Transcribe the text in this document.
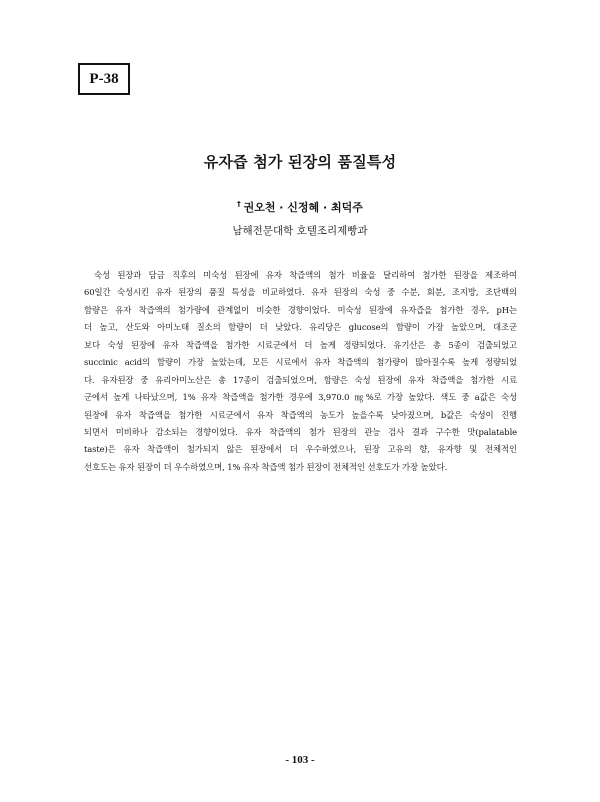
P-38
유자즙 첨가 된장의 품질특성
† 권오천 · 신정혜 · 최덕주
남해전문대학 호텔조리제빵과
숙성 된장과 담금 직후의 미숙성 된장에 유자 착즙액의 첨가 비율을 달리하여 첨가한 된장을 제조하여
60일간 숙성시킨 유자 된장의 품질 특성을 비교하였다. 유자 된장의 숙성 중 수분, 회분, 조지방, 조단백의
함량은 유자 착즙액의 첨가량에 관계없이 비슷한 경향이었다. 미숙성 된장에 유자즙을 첨가한 경우, pH는
더 높고, 산도와 아미노태 질소의 함량이 더 낮았다. 유리당은 glucose의 함량이 가장 높았으며, 대조군
보다 숙성 된장에 유자 착즙액을 첨가한 시료군에서 더 높게 정량되었다. 유기산은 총 5종이 검출되었고
succinic acid의 함량이 가장 높았는데, 모든 시료에서 유자 착즙액의 첨가량이 많아질수록 높게 정량되었
다. 유자된장 중 유리아미노산은 총 17종이 검출되었으며, 함량은 숙성 된장에 유자 착즙액을 첨가한 시료
군에서 높게 나타났으며, 1% 유자 착즙액을 첨가한 경우에 3,970.0 ㎎%로 가장 높았다. 색도 중 a값은 숙성
된장에 유자 착즙액을 첨가한 시료군에서 유자 착즙액의 농도가 높을수록 낮아졌으며, b값은 숙성이 진행
되면서 미비하나 감소되는 경향이었다. 유자 착즙액의 첨가 된장의 관능 검사 결과 구수한 맛(palatable
taste)은 유자 착즙액이 첨가되지 않은 된장에서 더 우수하였으나, 된장 고유의 향, 유자향 및 전체적인
선호도는 유자 된장이 더 우수하였으며, 1% 유자 착즙액 첨가 된장이 전체적인 선호도가 가장 높았다.
- 103 -
